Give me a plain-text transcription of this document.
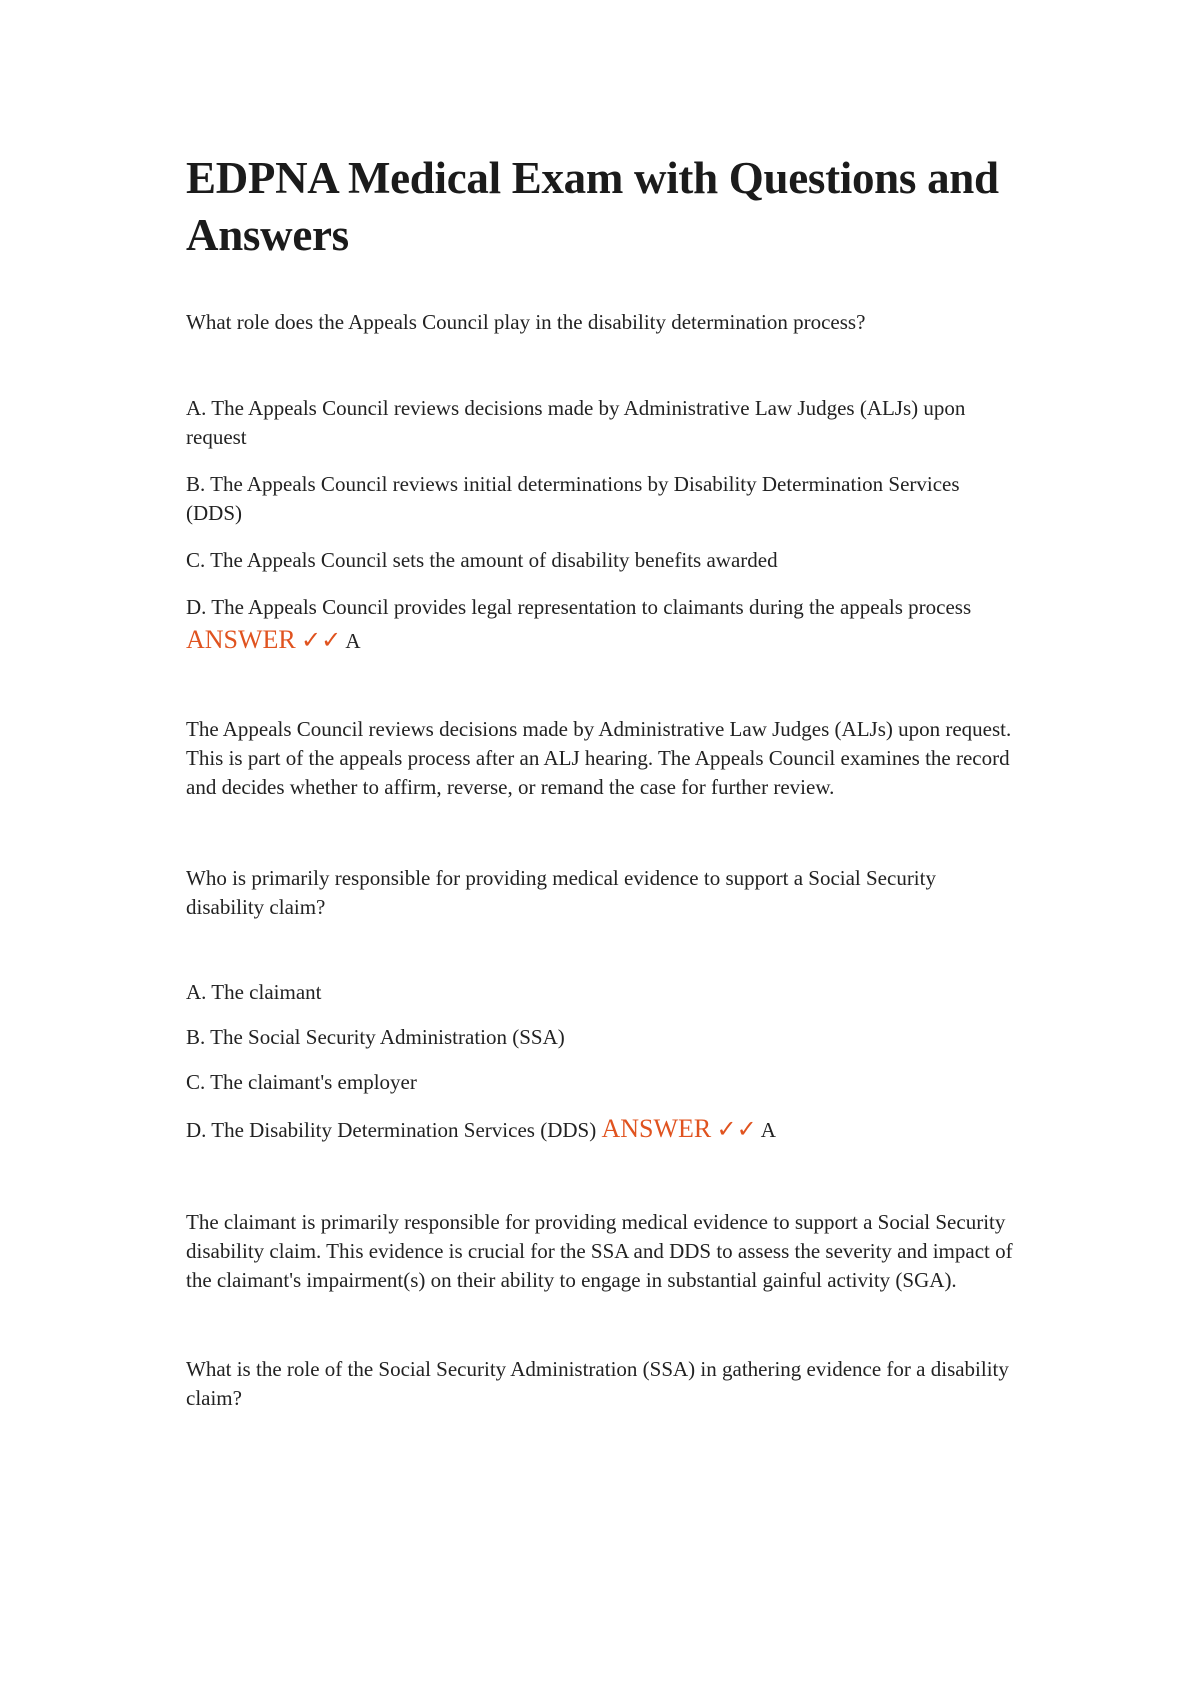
EDPNA Medical Exam with Questions and Answers

What role does the Appeals Council play in the disability determination process?

A. The Appeals Council reviews decisions made by Administrative Law Judges (ALJs) upon request

B. The Appeals Council reviews initial determinations by Disability Determination Services (DDS)

C. The Appeals Council sets the amount of disability benefits awarded

D. The Appeals Council provides legal representation to claimants during the appeals process

ANSWER ✓✓ A

The Appeals Council reviews decisions made by Administrative Law Judges (ALJs) upon request. This is part of the appeals process after an ALJ hearing. The Appeals Council examines the record and decides whether to affirm, reverse, or remand the case for further review.

Who is primarily responsible for providing medical evidence to support a Social Security disability claim?

A. The claimant

B. The Social Security Administration (SSA)

C. The claimant's employer

D. The Disability Determination Services (DDS) ANSWER ✓✓ A

The claimant is primarily responsible for providing medical evidence to support a Social Security disability claim. This evidence is crucial for the SSA and DDS to assess the severity and impact of the claimant's impairment(s) on their ability to engage in substantial gainful activity (SGA).

What is the role of the Social Security Administration (SSA) in gathering evidence for a disability claim?
